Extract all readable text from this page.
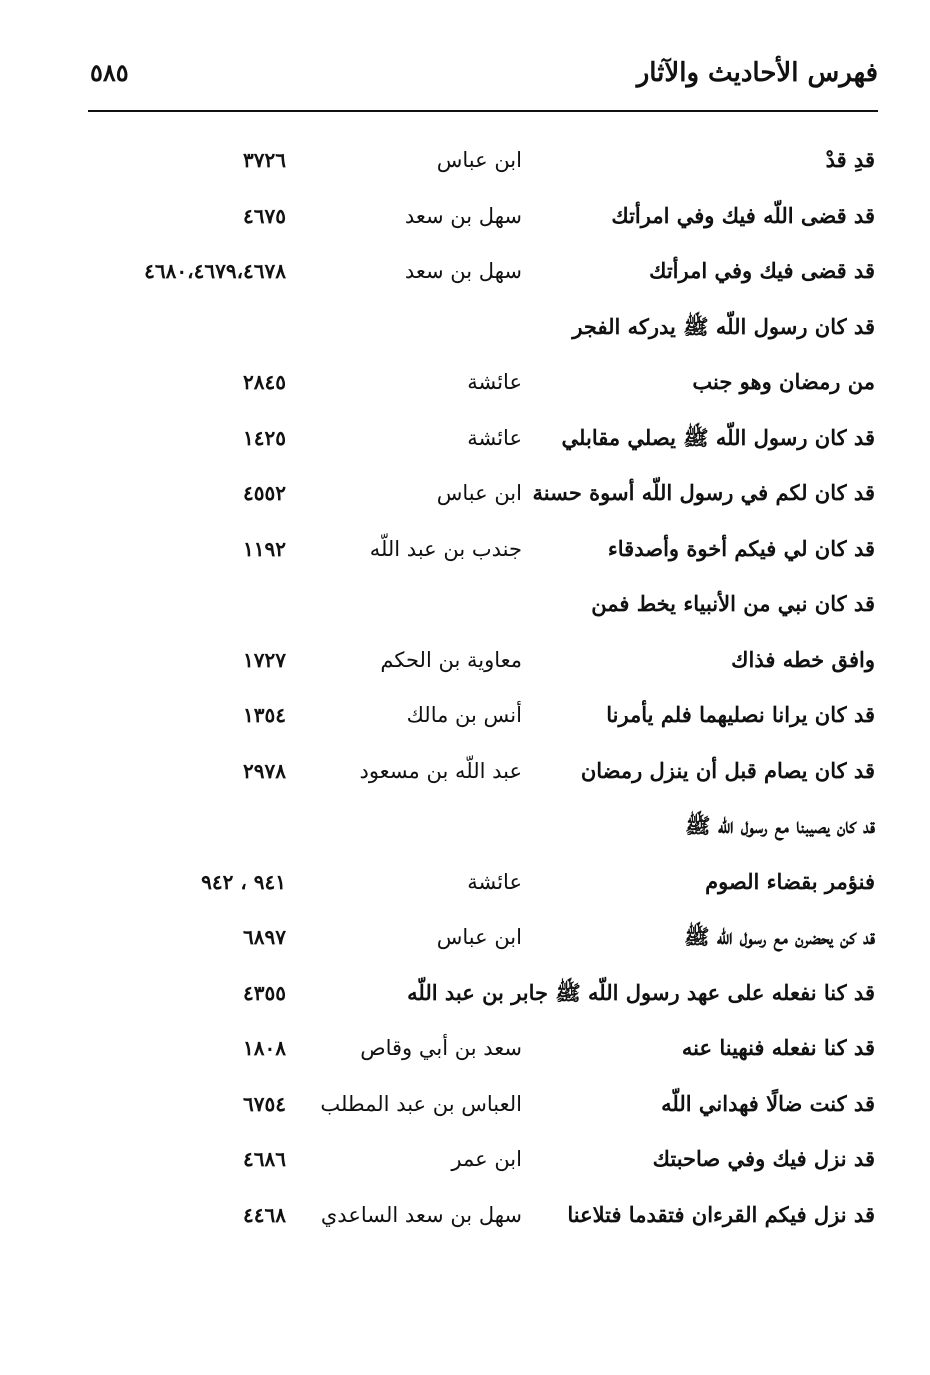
فهرس الأحاديث والآثار
٥٨٥
قدِ قدْ
ابن عباس
٣٧٢٦
قد قضى اللّه فيك وفي امرأتك
سهل بن سعد
٤٦٧٥
قد قضى فيك وفي امرأتك
سهل بن سعد
٤٦٨٠،٤٦٧٩،٤٦٧٨
قد كان رسول اللّه ﷺ يدركه الفجر
من رمضان وهو جنب
عائشة
٢٨٤٥
قد كان رسول اللّه ﷺ يصلي مقابلي
عائشة
١٤٢٥
قد كان لكم في رسول اللّه أسوة حسنة
ابن عباس
٤٥٥٢
قد كان لي فيكم أخوة وأصدقاء
جندب بن عبد اللّه
١١٩٢
قد كان نبي من الأنبياء يخط فمن
وافق خطه فذاك
معاوية بن الحكم
١٧٢٧
قد كان يرانا نصليهما فلم يأمرنا
أنس بن مالك
١٣٥٤
قد كان يصام قبل أن ينزل رمضان
عبد اللّه بن مسعود
٢٩٧٨
قد كان يصيبنا مع رسول اللّه ﷺ
فنؤمر بقضاء الصوم
عائشة
٩٤١ ، ٩٤٢
قد كن يحضرن مع رسول اللّه ﷺ
ابن عباس
٦٨٩٧
قد كنا نفعله على عهد رسول اللّه ﷺ جابر بن عبد اللّه
٤٣٥٥
قد كنا نفعله فنهينا عنه
سعد بن أبي وقاص
١٨٠٨
قد كنت ضالًا فهداني اللّه
العباس بن عبد المطلب
٦٧٥٤
قد نزل فيك وفي صاحبتك
ابن عمر
٤٦٨٦
قد نزل فيكم القرءان فتقدما فتلاعنا
سهل بن سعد الساعدي
٤٤٦٨
